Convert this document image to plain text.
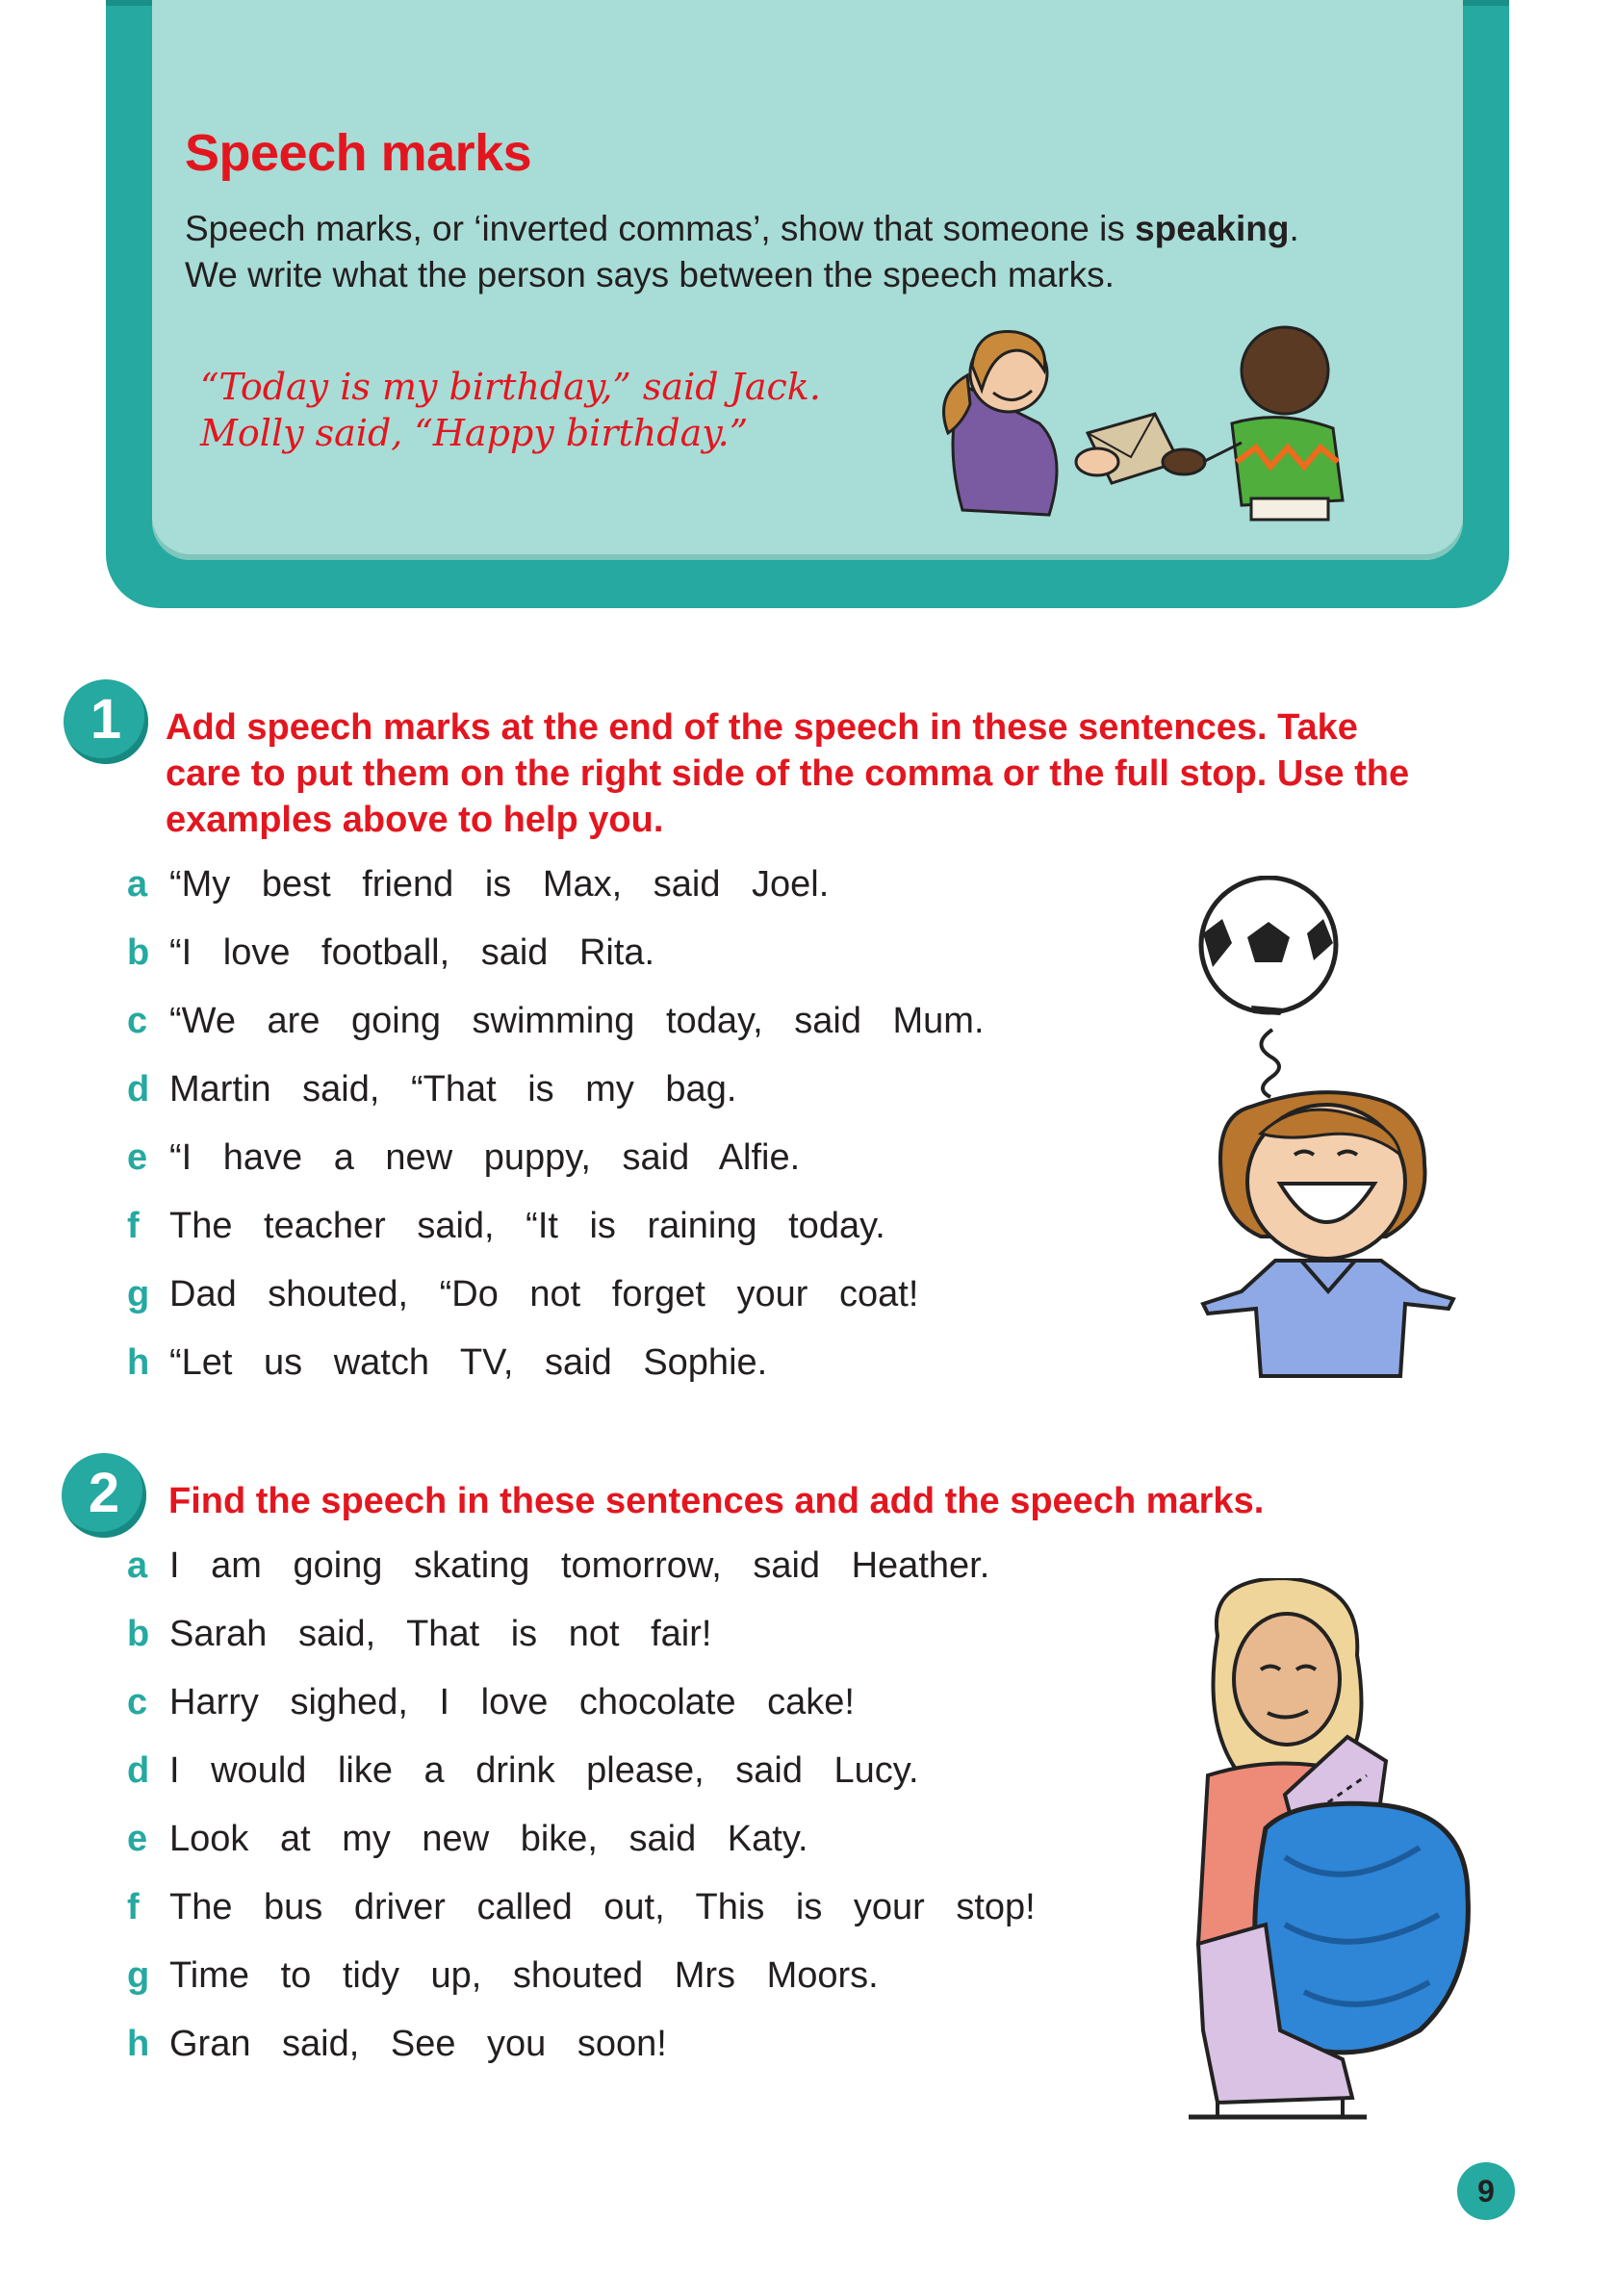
Speech marks
Speech marks, or ‘inverted commas’, show that someone is speaking.
We write what the person says between the speech marks.
“Today is my birthday,” said Jack.
Molly said, “Happy birthday.”
1	Add speech marks at the end of the speech in these sentences. Take
care to put them on the right side of the comma or the full stop. Use the
examples above to help you.
a “My best friend is Max, said Joel.
b “I love football, said Rita.
c “We are going swimming today, said Mum.
d Martin said, “That is my bag.
e “I have a new puppy, said Alfie.
f The teacher said, “It is raining today.
g Dad shouted, “Do not forget your coat!
h “Let us watch TV, said Sophie.
2	Find the speech in these sentences and add the speech marks.
a I am going skating tomorrow, said Heather.
b Sarah said, That is not fair!
c Harry sighed, I love chocolate cake!
d I would like a drink please, said Lucy.
e Look at my new bike, said Katy.
f The bus driver called out, This is your stop!
g Time to tidy up, shouted Mrs Moors.
h Gran said, See you soon!
9
